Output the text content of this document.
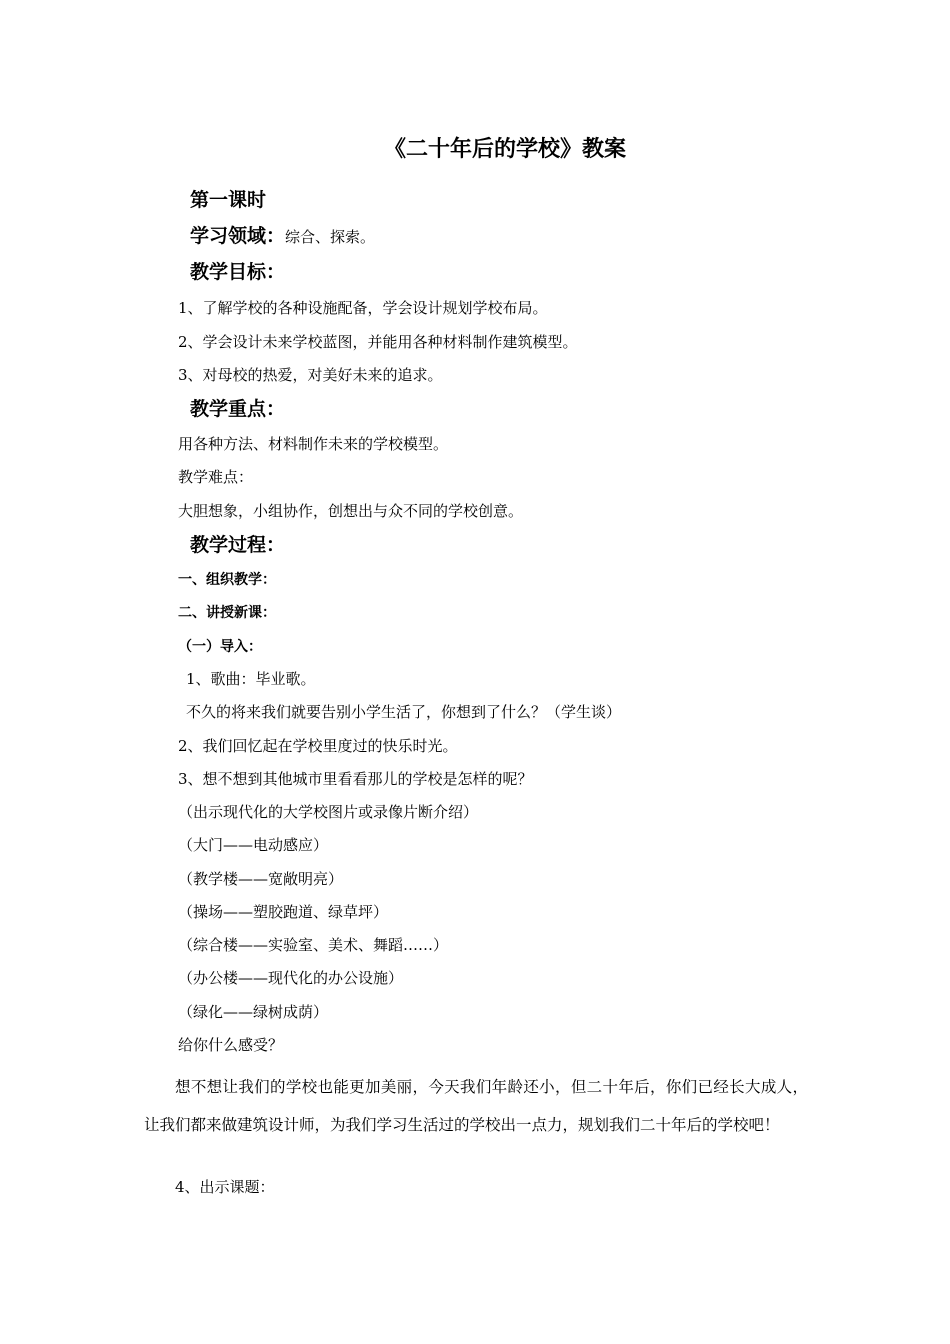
《二十年后的学校》教案
第一课时
学习领域：综合、探索。
教学目标：
1、了解学校的各种设施配备，学会设计规划学校布局。
2、学会设计未来学校蓝图，并能用各种材料制作建筑模型。
3、对母校的热爱，对美好未来的追求。
教学重点：
用各种方法、材料制作未来的学校模型。
教学难点：
大胆想象，小组协作，创想出与众不同的学校创意。
教学过程：
一、组织教学：
二、讲授新课：
（一）导入：
1、歌曲：毕业歌。
不久的将来我们就要告别小学生活了，你想到了什么？（学生谈）
2、我们回忆起在学校里度过的快乐时光。
3、想不想到其他城市里看看那儿的学校是怎样的呢？
（出示现代化的大学校图片或录像片断介绍）
（大门——电动感应）
（教学楼——宽敞明亮）
（操场——塑胶跑道、绿草坪）
（综合楼——实验室、美术、舞蹈……）
（办公楼——现代化的办公设施）
（绿化——绿树成荫）
给你什么感受？
想不想让我们的学校也能更加美丽，今天我们年龄还小，但二十年后，你们已经长大成人，让我们都来做建筑设计师，为我们学习生活过的学校出一点力，规划我们二十年后的学校吧！
4、出示课题：
